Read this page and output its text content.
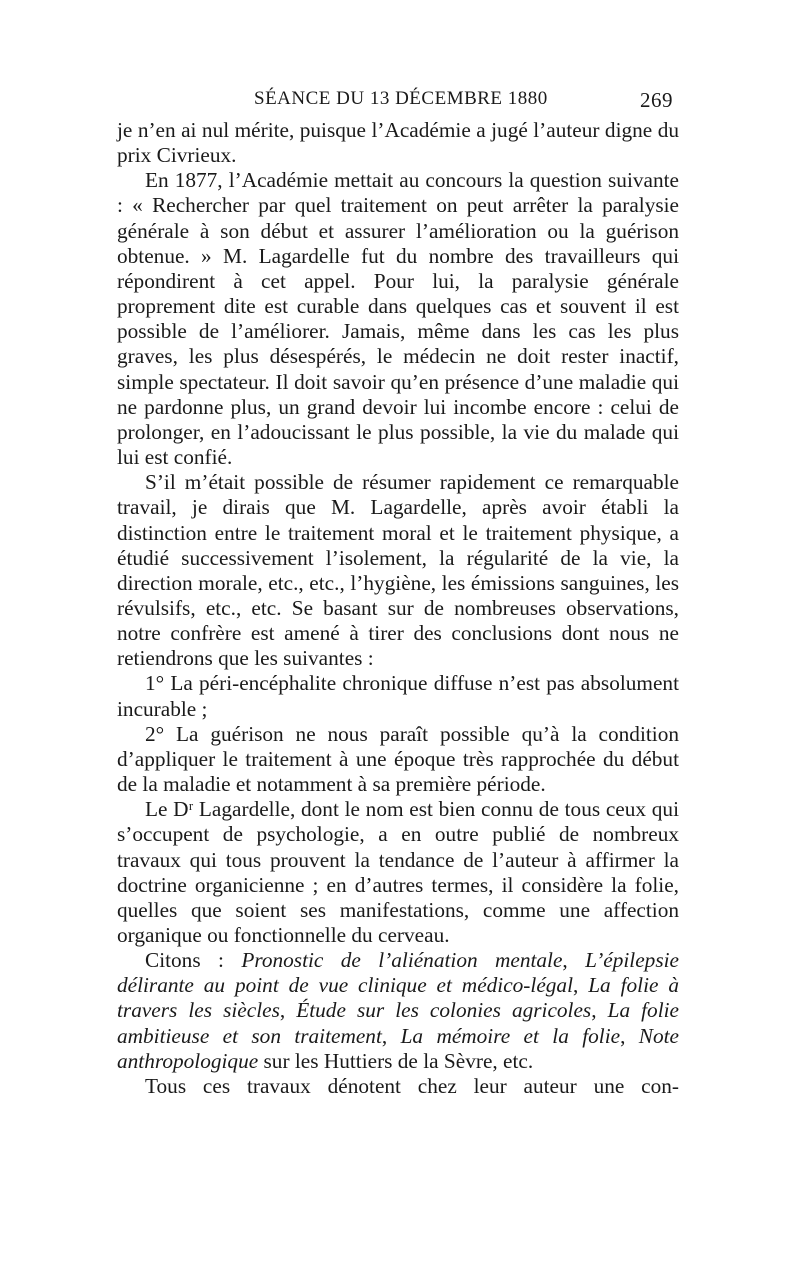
SÉANCE DU 13 DÉCEMBRE 1880	269

je n’en ai nul mérite, puisque l’Académie a jugé l’auteur digne du prix Civrieux.

En 1877, l’Académie mettait au concours la question suivante : « Rechercher par quel traitement on peut arrêter la paralysie générale à son début et assurer l’amélioration ou la guérison obtenue. » M. Lagardelle fut du nombre des travailleurs qui répondirent à cet appel. Pour lui, la paralysie générale proprement dite est curable dans quelques cas et souvent il est possible de l’améliorer. Jamais, même dans les cas les plus graves, les plus désespérés, le médecin ne doit rester inactif, simple spectateur. Il doit savoir qu’en présence d’une maladie qui ne pardonne plus, un grand devoir lui incombe encore : celui de prolonger, en l’adoucissant le plus possible, la vie du malade qui lui est confié.

S’il m’était possible de résumer rapidement ce remarquable travail, je dirais que M. Lagardelle, après avoir établi la distinction entre le traitement moral et le traitement physique, a étudié successivement l’isolement, la régularité de la vie, la direction morale, etc., etc., l’hygiène, les émissions sanguines, les révulsifs, etc., etc. Se basant sur de nombreuses observations, notre confrère est amené à tirer des conclusions dont nous ne retiendrons que les suivantes :

1° La péri-encéphalite chronique diffuse n’est pas absolument incurable ;

2° La guérison ne nous paraît possible qu’à la condition d’appliquer le traitement à une époque très rapprochée du début de la maladie et notamment à sa première période.

Le Dʳ Lagardelle, dont le nom est bien connu de tous ceux qui s’occupent de psychologie, a en outre publié de nombreux travaux qui tous prouvent la tendance de l’auteur à affirmer la doctrine organicienne ; en d’autres termes, il considère la folie, quelles que soient ses manifestations, comme une affection organique ou fonctionnelle du cerveau.

Citons : Pronostic de l’aliénation mentale, L’épilepsie délirante au point de vue clinique et médico-légal, La folie à travers les siècles, Étude sur les colonies agricoles, La folie ambitieuse et son traitement, La mémoire et la folie, Note anthropologique sur les Huttiers de la Sèvre, etc.

Tous ces travaux dénotent chez leur auteur une con-
